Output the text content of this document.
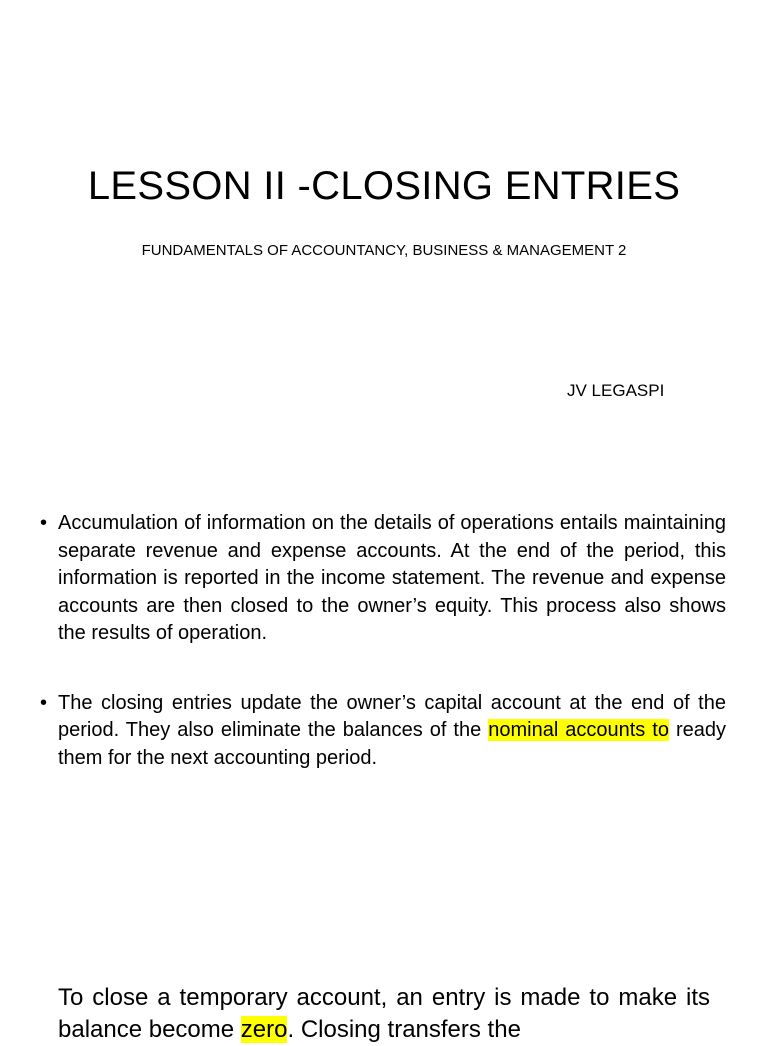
LESSON II -CLOSING ENTRIES
FUNDAMENTALS OF ACCOUNTANCY, BUSINESS & MANAGEMENT 2
JV LEGASPI
• Accumulation of information on the details of operations entails maintaining separate revenue and expense accounts. At the end of the period, this information is reported in the income statement. The revenue and expense accounts are then closed to the owner’s equity. This process also shows the results of operation.
• The closing entries update the owner’s capital account at the end of the period. They also eliminate the balances of the nominal accounts to ready them for the next accounting period.
To close a temporary account, an entry is made to make its balance become zero. Closing transfers the
